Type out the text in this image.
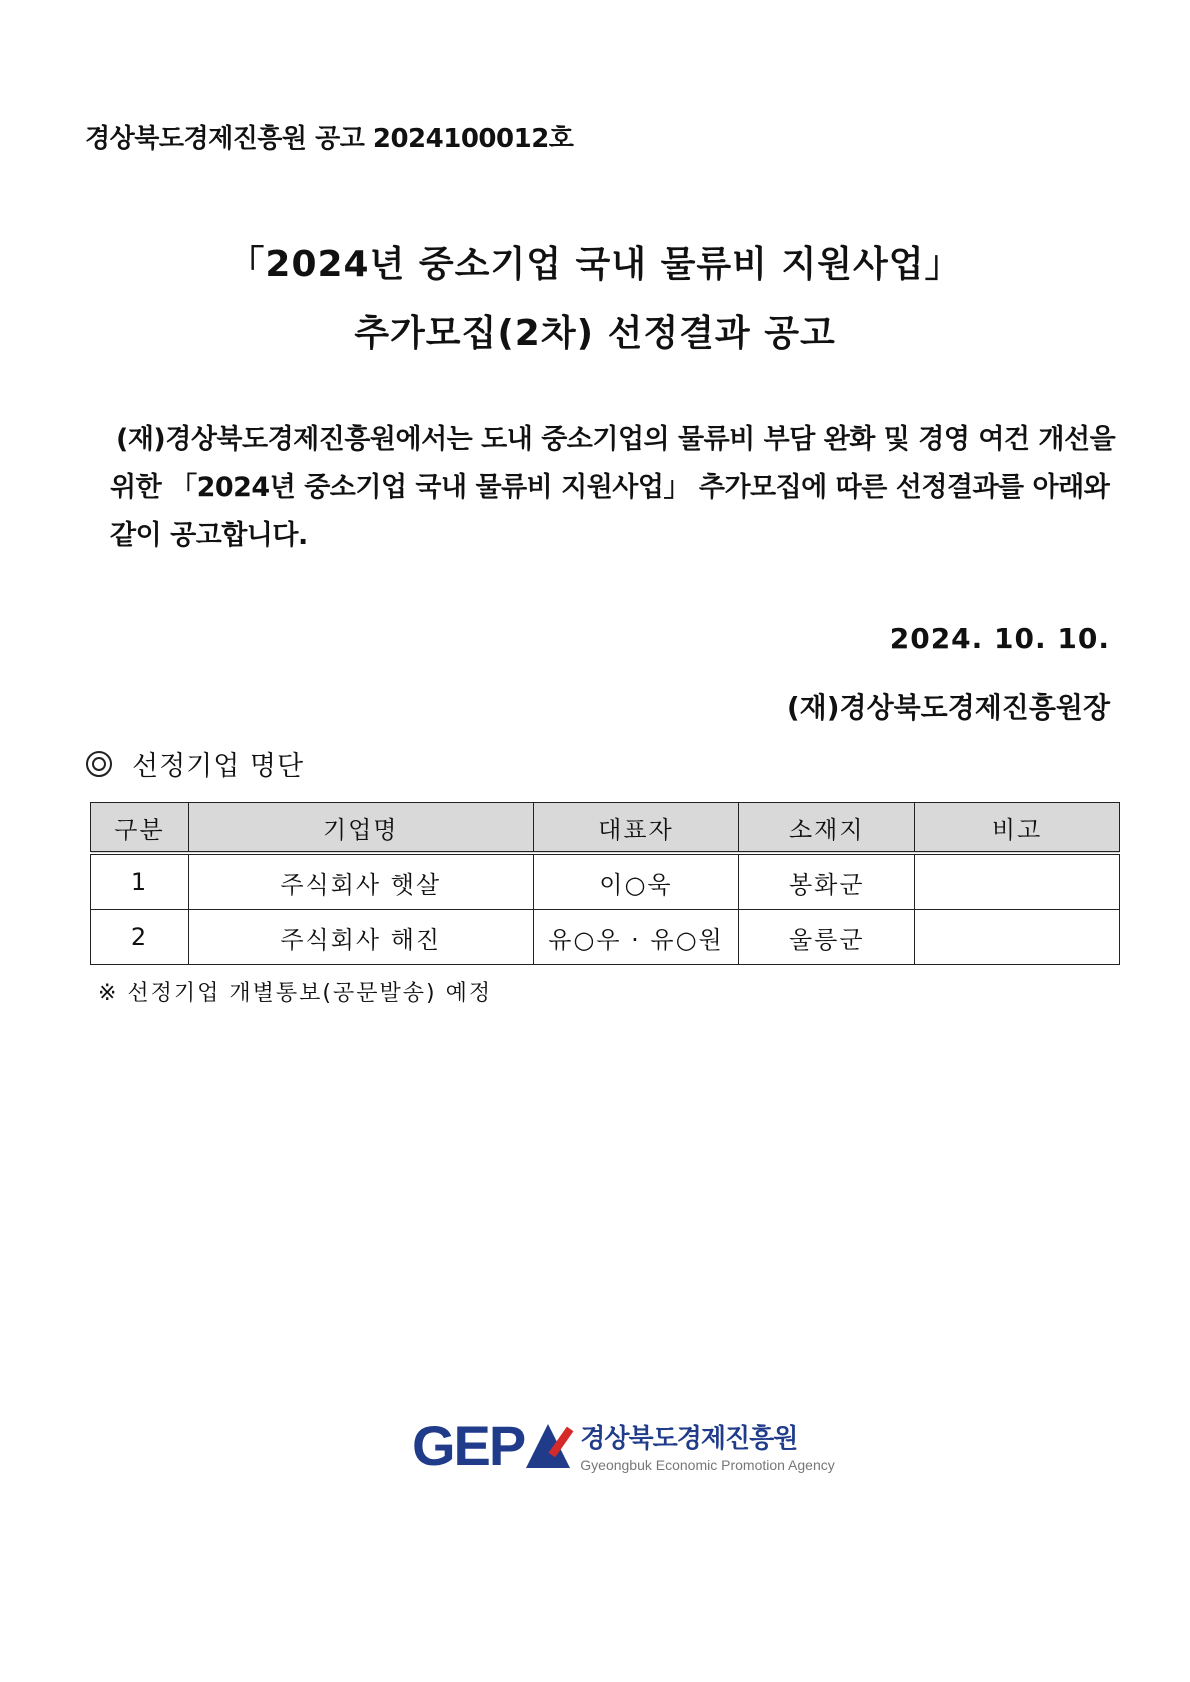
경상북도경제진흥원 공고 2024100012호
「2024년 중소기업 국내 물류비 지원사업」
추가모집(2차) 선정결과 공고
(재)경상북도경제진흥원에서는 도내 중소기업의 물류비 부담 완화 및 경영 여건 개선을
위한 「2024년 중소기업 국내 물류비 지원사업」 추가모집에 따른 선정결과를 아래와
같이 공고합니다.
2024. 10. 10.
(재)경상북도경제진흥원장
선정기업 명단
구분	기업명	대표자	소재지	비고
1	주식회사 햇살	이○욱	봉화군	
2	주식회사 해진	유○우 · 유○원	울릉군	
※ 선정기업 개별통보(공문발송) 예정
GEP 경상북도경제진흥원
Gyeongbuk Economic Promotion Agency
